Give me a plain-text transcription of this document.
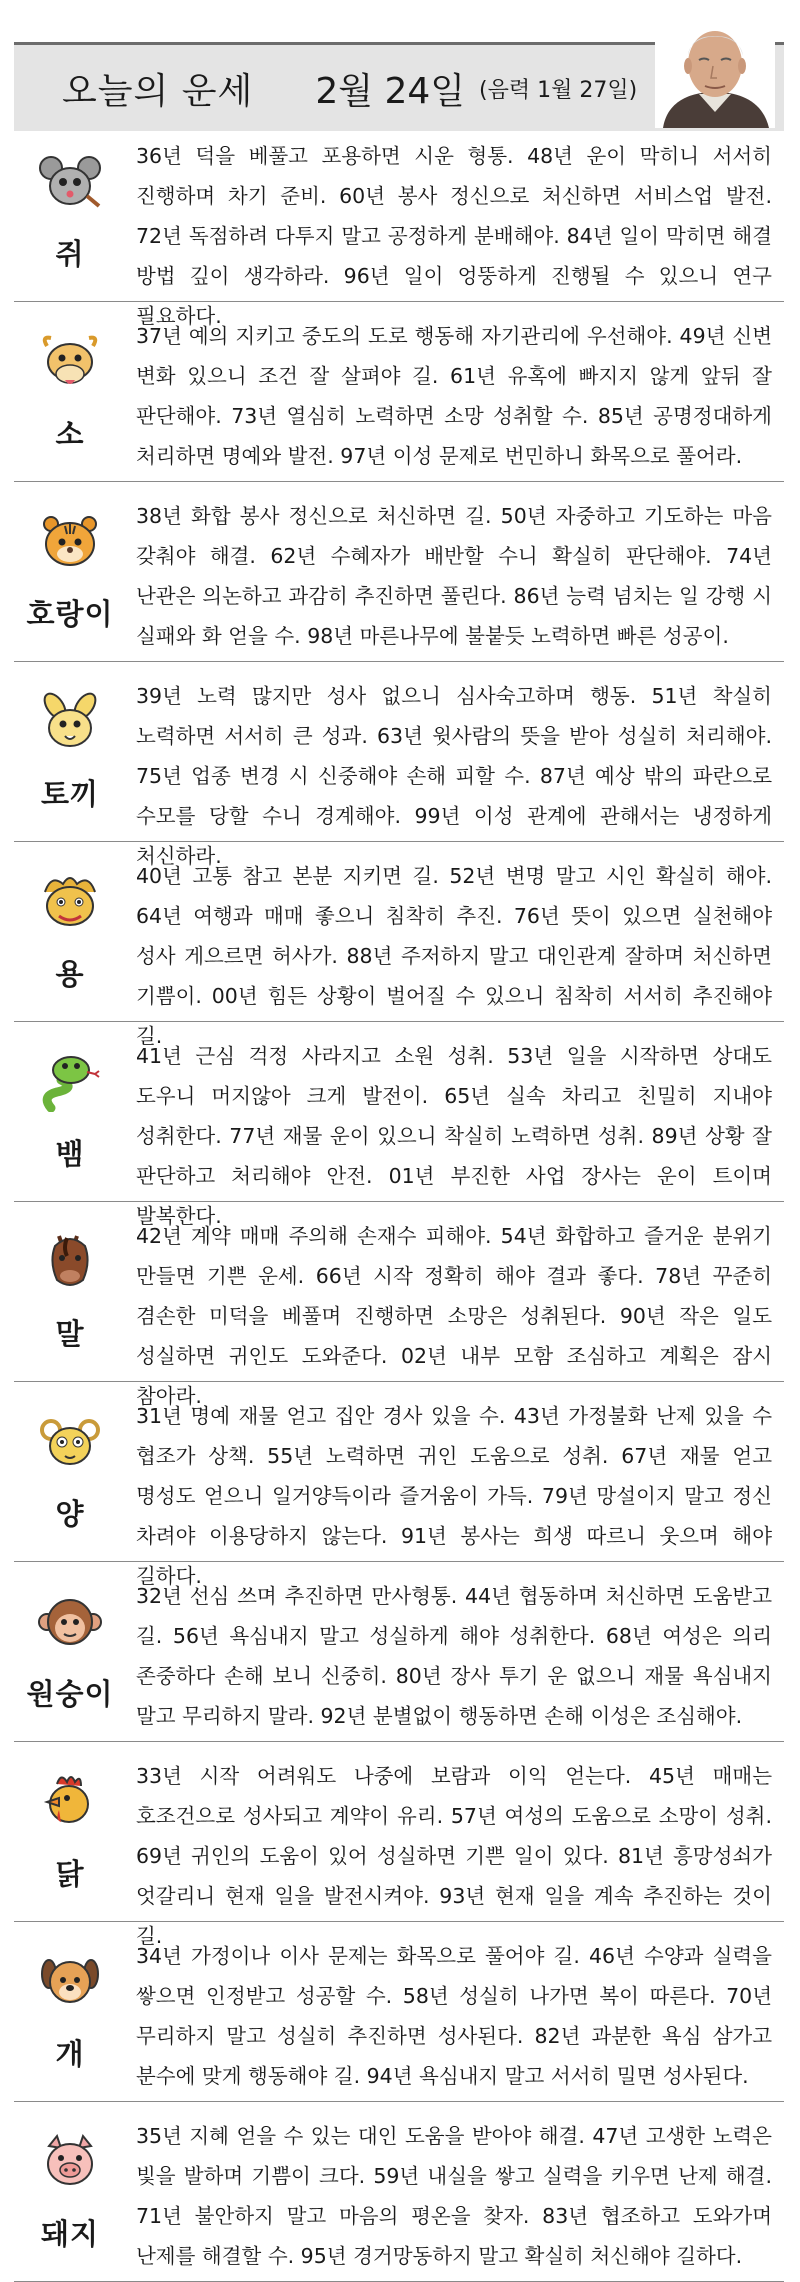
오늘의 운세 2월 24일 (음력 1월 27일)
쥐
36년 덕을 베풀고 포용하면 시운 형통. 48년 운이 막히니 서서히 진행하며 차기 준비. 60년 봉사 정신으로 처신하면 서비스업 발전. 72년 독점하려 다투지 말고 공정하게 분배해야. 84년 일이 막히면 해결 방법 깊이 생각하라. 96년 일이 엉뚱하게 진행될 수 있으니 연구 필요하다.
소
37년 예의 지키고 중도의 도로 행동해 자기관리에 우선해야. 49년 신변 변화 있으니 조건 잘 살펴야 길. 61년 유혹에 빠지지 않게 앞뒤 잘 판단해야. 73년 열심히 노력하면 소망 성취할 수. 85년 공명정대하게 처리하면 명예와 발전. 97년 이성 문제로 번민하니 화목으로 풀어라.
호랑이
38년 화합 봉사 정신으로 처신하면 길. 50년 자중하고 기도하는 마음 갖춰야 해결. 62년 수혜자가 배반할 수니 확실히 판단해야. 74년 난관은 의논하고 과감히 추진하면 풀린다. 86년 능력 넘치는 일 강행 시 실패와 화 얻을 수. 98년 마른나무에 불붙듯 노력하면 빠른 성공이.
토끼
39년 노력 많지만 성사 없으니 심사숙고하며 행동. 51년 착실히 노력하면 서서히 큰 성과. 63년 윗사람의 뜻을 받아 성실히 처리해야. 75년 업종 변경 시 신중해야 손해 피할 수. 87년 예상 밖의 파란으로 수모를 당할 수니 경계해야. 99년 이성 관계에 관해서는 냉정하게 처신하라.
용
40년 고통 참고 본분 지키면 길. 52년 변명 말고 시인 확실히 해야. 64년 여행과 매매 좋으니 침착히 추진. 76년 뜻이 있으면 실천해야 성사 게으르면 허사가. 88년 주저하지 말고 대인관계 잘하며 처신하면 기쁨이. 00년 힘든 상황이 벌어질 수 있으니 침착히 서서히 추진해야 길.
뱀
41년 근심 걱정 사라지고 소원 성취. 53년 일을 시작하면 상대도 도우니 머지않아 크게 발전이. 65년 실속 차리고 친밀히 지내야 성취한다. 77년 재물 운이 있으니 착실히 노력하면 성취. 89년 상황 잘 판단하고 처리해야 안전. 01년 부진한 사업 장사는 운이 트이며 발복한다.
말
42년 계약 매매 주의해 손재수 피해야. 54년 화합하고 즐거운 분위기 만들면 기쁜 운세. 66년 시작 정확히 해야 결과 좋다. 78년 꾸준히 겸손한 미덕을 베풀며 진행하면 소망은 성취된다. 90년 작은 일도 성실하면 귀인도 도와준다. 02년 내부 모함 조심하고 계획은 잠시 참아라.
양
31년 명예 재물 얻고 집안 경사 있을 수. 43년 가정불화 난제 있을 수 협조가 상책. 55년 노력하면 귀인 도움으로 성취. 67년 재물 얻고 명성도 얻으니 일거양득이라 즐거움이 가득. 79년 망설이지 말고 정신 차려야 이용당하지 않는다. 91년 봉사는 희생 따르니 웃으며 해야 길하다.
원숭이
32년 선심 쓰며 추진하면 만사형통. 44년 협동하며 처신하면 도움받고 길. 56년 욕심내지 말고 성실하게 해야 성취한다. 68년 여성은 의리 존중하다 손해 보니 신중히. 80년 장사 투기 운 없으니 재물 욕심내지 말고 무리하지 말라. 92년 분별없이 행동하면 손해 이성은 조심해야.
닭
33년 시작 어려워도 나중에 보람과 이익 얻는다. 45년 매매는 호조건으로 성사되고 계약이 유리. 57년 여성의 도움으로 소망이 성취. 69년 귀인의 도움이 있어 성실하면 기쁜 일이 있다. 81년 흥망성쇠가 엇갈리니 현재 일을 발전시켜야. 93년 현재 일을 계속 추진하는 것이 길.
개
34년 가정이나 이사 문제는 화목으로 풀어야 길. 46년 수양과 실력을 쌓으면 인정받고 성공할 수. 58년 성실히 나가면 복이 따른다. 70년 무리하지 말고 성실히 추진하면 성사된다. 82년 과분한 욕심 삼가고 분수에 맞게 행동해야 길. 94년 욕심내지 말고 서서히 밀면 성사된다.
돼지
35년 지혜 얻을 수 있는 대인 도움을 받아야 해결. 47년 고생한 노력은 빛을 발하며 기쁨이 크다. 59년 내실을 쌓고 실력을 키우면 난제 해결. 71년 불안하지 말고 마음의 평온을 찾자. 83년 협조하고 도와가며 난제를 해결할 수. 95년 경거망동하지 말고 확실히 처신해야 길하다.
